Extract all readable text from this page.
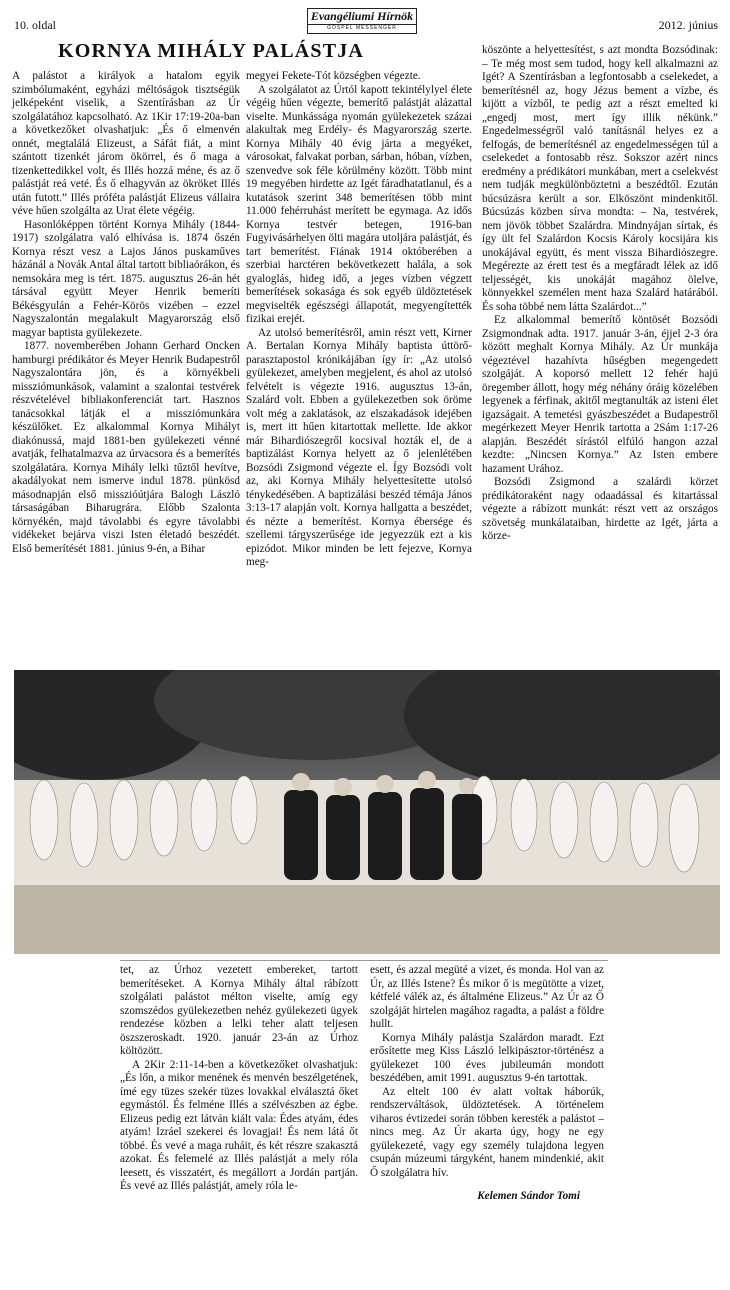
10. oldal
Evangéliumi Hírnök
GOSPEL MESSENGER	2012. június
KORNYA MIHÁLY PALÁSTJA

A palástot a királyok a hatalom egyik szimbólumaként, egyházi méltóságok tisztségük jelképeként viselik, a Szentírásban az Úr szolgálatához kapcsolható. Az 1Kir 17:19-20a-ban a következőket olvashatjuk: „És ő elmenvén onnét, megtalálá Elizeust, a Sáfát fiát, a mint szántott tizenkét járom ökörrel, és ő maga a tizenkettedikkel volt, és Illés hozzá méne, és az ő palástját reá veté. És ő elhagyván az ökröket Illés után futott.” Illés próféta palástját Elizeus vállaira véve hűen szolgálta az Urat élete végéig.

Hasonlóképpen történt Kornya Mihály (1844-1917) szolgálatra való elhívása is. 1874 őszén Kornya részt vesz a Lajos János puskaműves házánál a Novák Antal által tartott bibliaórákon, és nemsokára meg is tért. 1875. augusztus 26-án hét társával együtt Meyer Henrik bemeríti Békésgyulán a Fehér-Körös vizében – ezzel Nagyszalontán megalakult Magyarország első magyar baptista gyülekezete.

1877. novemberében Johann Gerhard Oncken hamburgi prédikátor és Meyer Henrik Budapestről Nagyszalontára jön, és a környékbeli missziómunkások, valamint a szalontai testvérek részvételével bibliakonferenciát tart. Hasznos tanácsokkal látják el a missziómunkára készülőket. Ez alkalommal Kornya Mihályt diakónussá, majd 1881-ben gyülekezeti vénné avatják, felhatalmazva az úrvacsora és a bemerítés szolgálatára. Kornya Mihály lelki tűztől hevítve, akadályokat nem ismerve indul 1878. pünkösd másodnapján első misszióútjára Balogh László társaságában Biharugrára. Előbb Szalonta környékén, majd távolabbi és egyre távolabbi vidékeket bejárva viszi Isten életadó beszédét. Első bemerítését 1881. június 9-én, a Bihar

megyei Fekete-Tót községben végezte.

A szolgálatot az Úrtól kapott tekintélylyel élete végéig hűen végezte, bemerítő palástját alázattal viselte. Munkássága nyomán gyülekezetek százai alakultak meg Erdély- és Magyarország szerte. Kornya Mihály 40 évig járta a megyéket, városokat, falvakat porban, sárban, hóban, vízben, szenvedve sok féle körülmény között. Több mint 19 megyében hirdette az Igét fáradhatatlanul, és a kutatások szerint 348 bemerítésen több mint 11.000 fehérruhást merített be egymaga. Az idős Kornya testvér betegen, 1916-ban Fugyivásárhelyen ölti magára utoljára palástját, és tart bemerítést. Fiának 1914 októberében a szerbiai harctéren bekövetkezett halála, a sok gyaloglás, hideg idő, a jeges vízben végzett bemerítések sokasága és sok egyéb üldöztetések megviselték egészségi állapotát, megyengítették fizikai erejét.

Az utolsó bemerítésről, amin részt vett, Kirner A. Bertalan Kornya Mihály baptista úttörő-parasztapostol krónikájában így ír: „Az utolsó gyülekezet, amelyben megjelent, és ahol az utolsó felvételt is végezte 1916. augusztus 13-án, Szalárd volt. Ebben a gyülekezetben sok öröme volt még a zaklatások, az elszakadások idejében is, mert itt hűen kitartottak mellette. Ide akkor már Bihardiószegről kocsival hozták el, de a baptizálást Kornya helyett az ő jelenlétében Bozsódi Zsigmond végezte el. Így Bozsódi volt az, aki Kornya Mihály helyettesítette utolsó ténykedésében. A baptizálási beszéd témája János 3:13-17 alapján volt. Kornya hallgatta a beszédet, és nézte a bemerítést. Kornya ébersége és szellemi tárgyszerűsége ide jegyezzük ezt a kis epizódot. Mikor minden be lett fejezve, Kornya meg-

köszönte a helyettesítést, s azt mondta Bozsódinak: – Te még most sem tudod, hogy kell alkalmazni az Igét? A Szentírásban a legfontosabb a cselekedet, a bemerítésnél az, hogy Jézus bement a vízbe, és kijött a vízből, te pedig azt a részt emelted ki „engedj most, mert így illik nékünk.” Engedelmességről való tanításnál helyes ez a felfogás, de bemerítésnél az engedelmességen túl a cselekedet a fontosabb rész. Sokszor azért nincs eredmény a prédikátori munkában, mert a cselekvést nem tudják megkülönböztetni a beszédtől. Ezután búcsúzásra került a sor. Elköszönt mindenkitől. Búcsúzás közben sírva mondta: – Na, testvérek, nem jövök többet Szalárdra. Mindnyájan sírtak, és így ült fel Szalárdon Kocsis Károly kocsijára kis unokájával együtt, és ment vissza Bihardiószegre. Megérezte az érett test és a megfáradt lélek az idő teljességét, kis unokáját magához ölelve, könnyekkel személen ment haza Szalárd határából. És soha többé nem látta Szalárdot...”

Ez alkalommal bemerítő köntösét Bozsódi Zsigmondnak adta. 1917. január 3-án, éjjel 2-3 óra között meghalt Kornya Mihály. Az Úr munkája végeztével hazahívta hűségben megengedett szolgáját. A koporsó mellett 12 fehér hajú öregember állott, hogy még néhány óráig közelében legyenek a férfinak, akitől megtanulták az isteni élet igazságait. A temetési gyászbeszédet a Budapestről megérkezett Meyer Henrik tartotta a 2Sám 1:17-26 alapján. Beszédét sírástól elfúló hangon azzal kezdte: „Nincsen Kornya.” Az Isten embere hazament Urához.

Bozsódi Zsigmond a szalárdi körzet prédikátoraként nagy odaadással és kitartással végezte a rábízott munkát: részt vett az országos szövetség munkálataiban, hirdette az Igét, járta a körze-

tet, az Úrhoz vezetett embereket, tartott bemerítéseket. A Kornya Mihály által rábízott szolgálati palástot mélton viselte, amíg egy szomszédos gyülekezetben nehéz gyülekezeti ügyek rendezése közben a lelki teher alatt teljesen öszszeroskadt. 1920. január 23-án az Úrhoz költözött.

A 2Kir 2:11-14-ben a következőket olvashatjuk: „És lőn, a mikor menének és menvén beszélgetének, ímé egy tüzes szekér tüzes lovakkal elválasztá őket egymástól. És felméne Illés a szélvészben az égbe. Elizeus pedig ezt látván kiált vala: Édes atyám, édes atyám! Izráel szekerei és lovagjai! És nem látá őt többé. És vevé a maga ruháit, és két részre szakasztá azokat. És felemelé az Illés palástját a mely róla leesett, és visszatért, és megálloтt a Jordán partján. És vevé az Illés palástját, amely róla le-

esett, és azzal megüté a vizet, és monda. Hol van az Úr, az Illés Istene? És mikor ő is megütötte a vizet, kétfelé válék az, és általméne Elizeus.” Az Úr az Ő szolgáját hirtelen magához ragadta, a palást a földre hullt.

Kornya Mihály palástja Szalárdon maradt. Ezt erősítette meg Kiss László lelkipásztor-történész a gyülekezet 100 éves jubileumán mondott beszédében, amit 1991. augusztus 9-én tartottak.

Az eltelt 100 év alatt voltak háborúk, rendszerváltások, üldöztetések. A történelem viharos évtizedei során többen keresték a palástot – nincs meg. Az Úr akarta úgy, hogy ne egy gyülekezeté, vagy egy személy tulajdona legyen csupán múzeumi tárgyként, hanem mindenkié, akit Ő szolgálatra hív.

Kelemen Sándor Tomi
